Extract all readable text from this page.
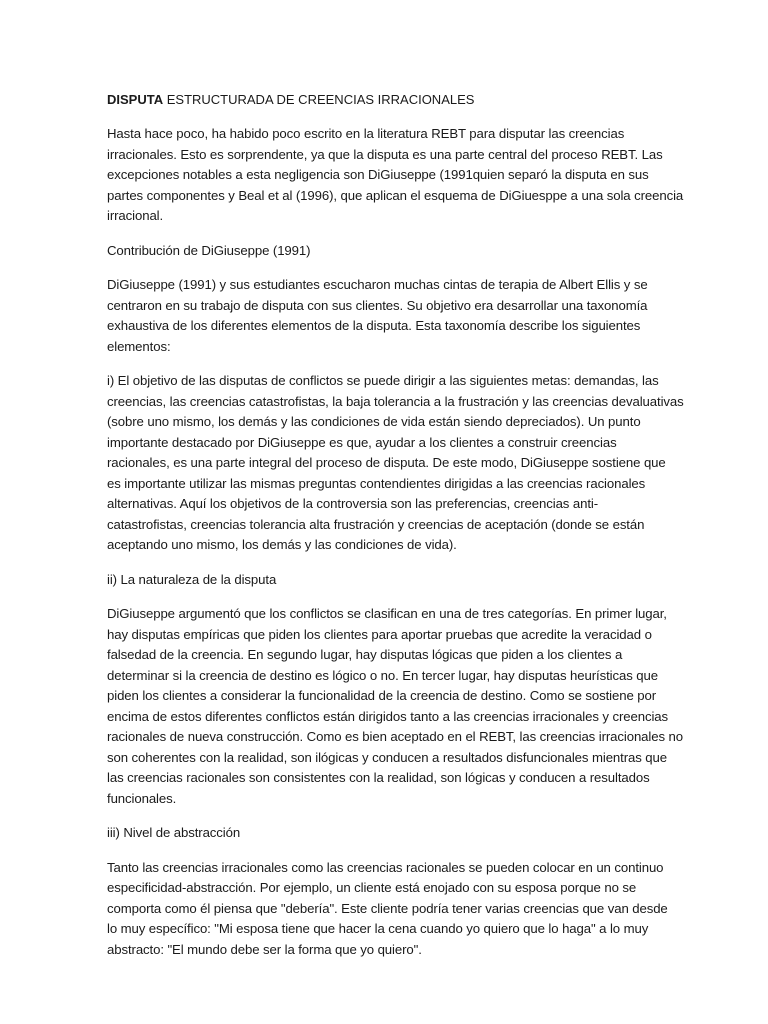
DISPUTA ESTRUCTURADA DE CREENCIAS IRRACIONALES

Hasta hace poco, ha habido poco escrito en la literatura REBT para disputar las creencias
irracionales. Esto es sorprendente, ya que la disputa es una parte central del proceso REBT. Las
excepciones notables a esta negligencia son DiGiuseppe (1991quien separó la disputa en sus
partes componentes y Beal et al (1996), que aplican el esquema de DiGiuesppe a una sola creencia
irracional.

Contribución de DiGiuseppe (1991)

DiGiuseppe (1991) y sus estudiantes escucharon muchas cintas de terapia de Albert Ellis y se
centraron en su trabajo de disputa con sus clientes. Su objetivo era desarrollar una taxonomía
exhaustiva de los diferentes elementos de la disputa. Esta taxonomía describe los siguientes
elementos:

i) El objetivo de las disputas de conflictos se puede dirigir a las siguientes metas: demandas, las
creencias, las creencias catastrofistas, la baja tolerancia a la frustración y las creencias devaluativas
(sobre uno mismo, los demás y las condiciones de vida están siendo depreciados). Un punto
importante destacado por DiGiuseppe es que, ayudar a los clientes a construir creencias
racionales, es una parte integral del proceso de disputa. De este modo, DiGiuseppe sostiene que
es importante utilizar las mismas preguntas contendientes dirigidas a las creencias racionales
alternativas. Aquí los objetivos de la controversia son las preferencias, creencias anti-
catastrofistas, creencias tolerancia alta frustración y creencias de aceptación (donde se están
aceptando uno mismo, los demás y las condiciones de vida).

ii) La naturaleza de la disputa

DiGiuseppe argumentó que los conflictos se clasifican en una de tres categorías. En primer lugar,
hay disputas empíricas que piden los clientes para aportar pruebas que acredite la veracidad o
falsedad de la creencia. En segundo lugar, hay disputas lógicas que piden a los clientes a
determinar si la creencia de destino es lógico o no. En tercer lugar, hay disputas heurísticas que
piden los clientes a considerar la funcionalidad de la creencia de destino. Como se sostiene por
encima de estos diferentes conflictos están dirigidos tanto a las creencias irracionales y creencias
racionales de nueva construcción. Como es bien aceptado en el REBT, las creencias irracionales no
son coherentes con la realidad, son ilógicas y conducen a resultados disfuncionales mientras que
las creencias racionales son consistentes con la realidad, son lógicas y conducen a resultados
funcionales.

iii) Nivel de abstracción

Tanto las creencias irracionales como las creencias racionales se pueden colocar en un continuo
especificidad-abstracción. Por ejemplo, un cliente está enojado con su esposa porque no se
comporta como él piensa que "debería". Este cliente podría tener varias creencias que van desde
lo muy específico: "Mi esposa tiene que hacer la cena cuando yo quiero que lo haga" a lo muy
abstracto: "El mundo debe ser la forma que yo quiero".
